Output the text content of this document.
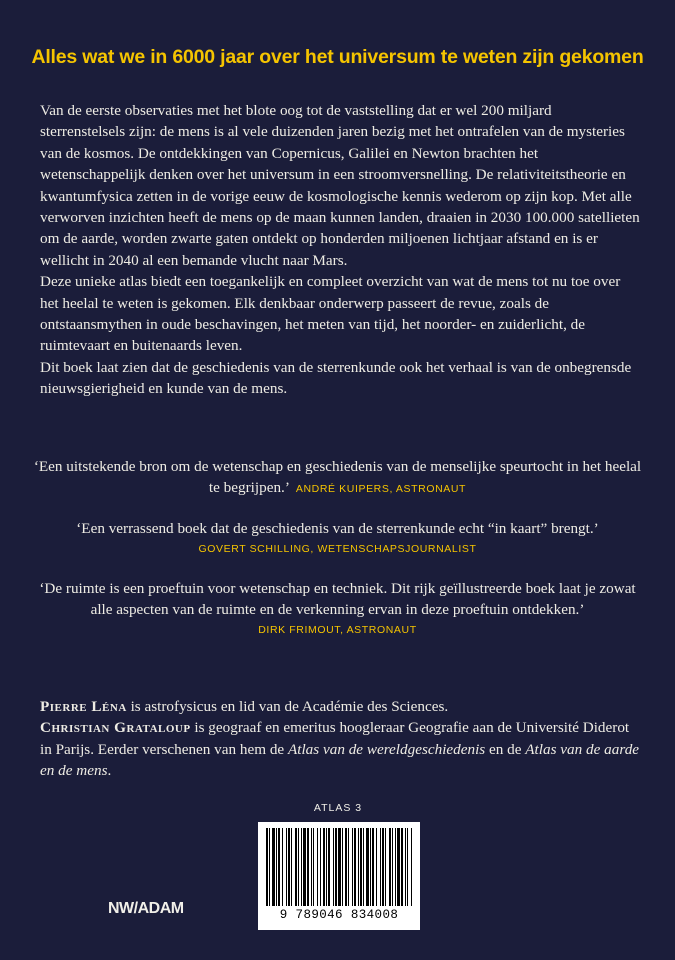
Alles wat we in 6000 jaar over het universum te weten zijn gekomen

Van de eerste observaties met het blote oog tot de vaststelling dat er wel 200 miljard sterrenstelsels zijn: de mens is al vele duizenden jaren bezig met het ontrafelen van de mysteries van de kosmos. De ontdekkingen van Copernicus, Galilei en Newton brachten het wetenschappelijk denken over het universum in een stroomversnelling. De relativiteitstheorie en kwantumfysica zetten in de vorige eeuw de kosmologische kennis wederom op zijn kop. Met alle verworven inzichten heeft de mens op de maan kunnen landen, draaien in 2030 100.000 satellieten om de aarde, worden zwarte gaten ontdekt op honderden miljoenen lichtjaar afstand en is er wellicht in 2040 al een bemande vlucht naar Mars.

Deze unieke atlas biedt een toegankelijk en compleet overzicht van wat de mens tot nu toe over het heelal te weten is gekomen. Elk denkbaar onderwerp passeert de revue, zoals de ontstaansmythen in oude beschavingen, het meten van tijd, het noorder- en zuiderlicht, de ruimtevaart en buitenaards leven.

Dit boek laat zien dat de geschiedenis van de sterrenkunde ook het verhaal is van de onbegrensde nieuwsgierigheid en kunde van de mens.

‘Een uitstekende bron om de wetenschap en geschiedenis van de menselijke speurtocht in het heelal te begrijpen.’ ANDRÉ KUIPERS, ASTRONAUT
‘Een verrassend boek dat de geschiedenis van de sterrenkunde echt “in kaart” brengt.’
GOVERT SCHILLING, WETENSCHAPSJOURNALIST
‘De ruimte is een proeftuin voor wetenschap en techniek. Dit rijk geïllustreerde boek laat je zowat alle aspecten van de ruimte en de verkenning ervan in deze proeftuin ontdekken.’
DIRK FRIMOUT, ASTRONAUT

Pierre Léna is astrofysicus en lid van de Académie des Sciences.

Christian Grataloup is geograaf en emeritus hoogleraar Geografie aan de Université Diderot in Parijs. Eerder verschenen van hem de Atlas van de wereldgeschiedenis en de Atlas van de aarde en de mens.

ATLAS 3
9 789046 834008
NW/ADAM
